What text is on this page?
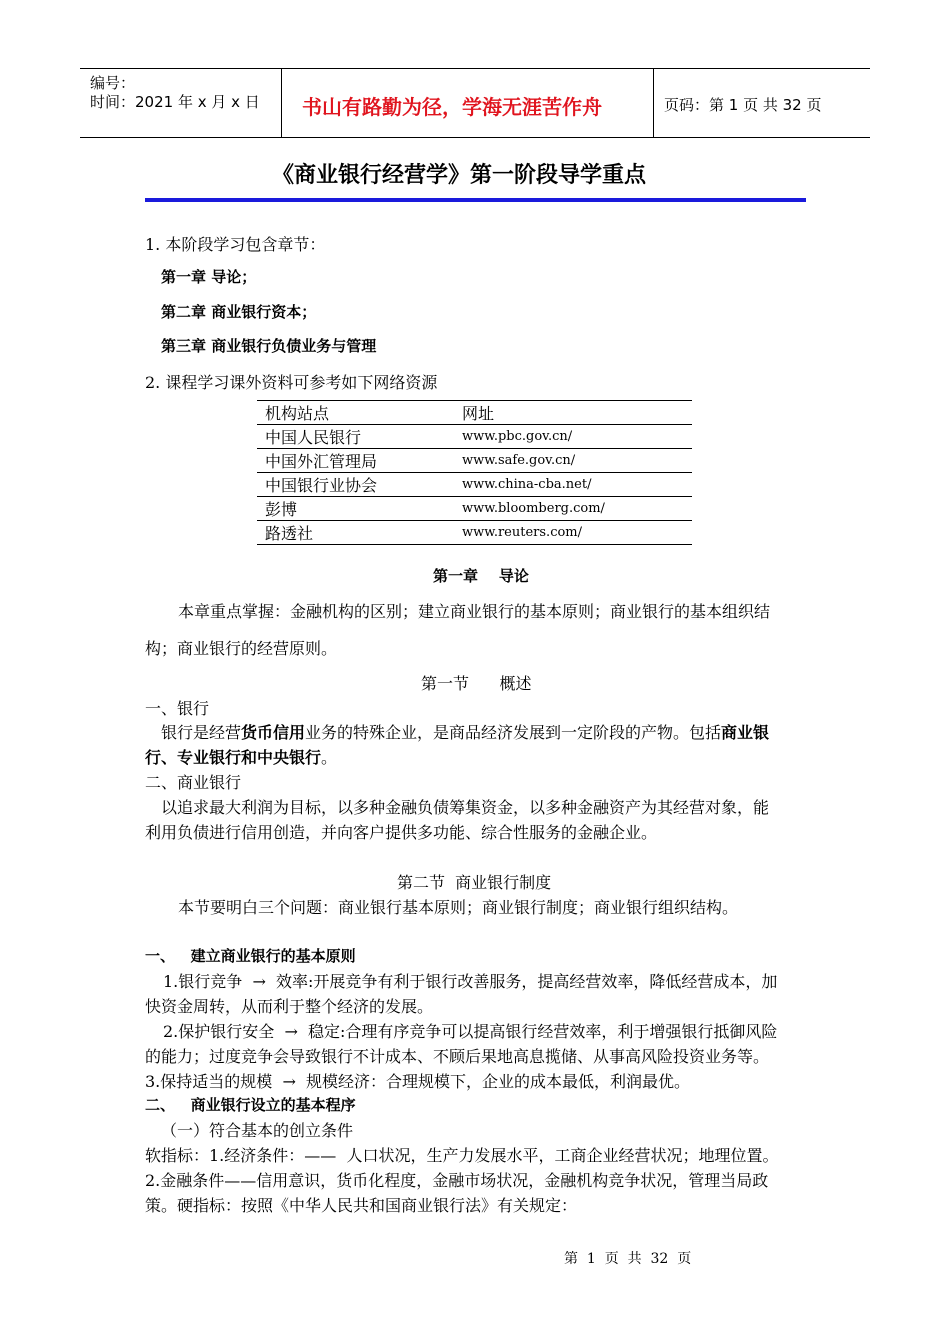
编号：
时间：2021 年 x 月 x 日 书山有路勤为径，学海无涯苦作舟	页码：第 1 页 共 32 页
《商业银行经营学》第一阶段导学重点
1. 本阶段学习包含章节：
第一章 导论；
第二章 商业银行资本；
第三章 商业银行负债业务与管理
2. 课程学习课外资料可参考如下网络资源
机构站点	网址
中国人民银行	www.pbc.gov.cn/
中国外汇管理局	www.safe.gov.cn/
中国银行业协会	www.china-cba.net/
彭博	www.bloomberg.com/
路透社	www.reuters.com/
第一章    导论
本章重点掌握：金融机构的区别；建立商业银行的基本原则；商业银行的基本组织结
构；商业银行的经营原则。
第一节      概述
一、银行
银行是经营货币信用业务的特殊企业，是商品经济发展到一定阶段的产物。包括商业银
行、专业银行和中央银行。
二、商业银行
以追求最大利润为目标，以多种金融负债筹集资金，以多种金融资产为其经营对象，能
利用负债进行信用创造，并向客户提供多功能、综合性服务的金融企业。
第二节  商业银行制度
本节要明白三个问题：商业银行基本原则；商业银行制度；商业银行组织结构。
一、   建立商业银行的基本原则
1.银行竞争  →  效率:开展竞争有利于银行改善服务，提高经营效率，降低经营成本，加
快资金周转，从而利于整个经济的发展。
2.保护银行安全  →  稳定:合理有序竞争可以提高银行经营效率，利于增强银行抵御风险
的能力；过度竞争会导致银行不计成本、不顾后果地高息揽储、从事高风险投资业务等。
3.保持适当的规模  →  规模经济：合理规模下，企业的成本最低，利润最优。
二、   商业银行设立的基本程序
（一）符合基本的创立条件
软指标：1.经济条件：——  人口状况，生产力发展水平，工商企业经营状况；地理位置。
2.金融条件——信用意识，货币化程度，金融市场状况，金融机构竞争状况，管理当局政
策。硬指标：按照《中华人民共和国商业银行法》有关规定：
第  1  页  共  32  页
